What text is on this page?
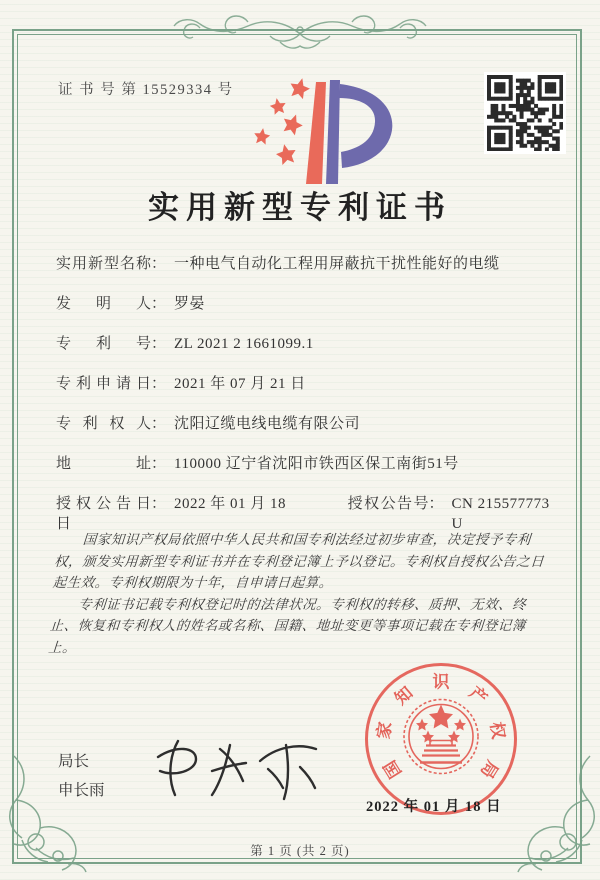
证 书 号 第 15529334 号
实用新型专利证书
实用新型名称 ： 一种电气自动化工程用屏蔽抗干扰性能好的电缆
发明人 ： 罗晏
专利号 ： ZL 2021 2 1661099.1
专利申请日 ： 2021 年 07 月 21 日
专利权人 ： 沈阳辽缆电线电缆有限公司
地址 ： 110000 辽宁省沈阳市铁西区保工南街51号
授权公告日： 2022 年 01 月 18 日
授权公告号 ： CN 215577773 U

国家知识产权局依照中华人民共和国专利法经过初步审查，决定授予专利权，颁发实用新型专利证书并在专利登记簿上予以登记。专利权自授权公告之日起生效。专利权期限为十年，自申请日起算。

专利证书记载专利权登记时的法律状况。专利权的转移、质押、无效、终止、恢复和专利权人的姓名或名称、国籍、地址变更等事项记载在专利登记簿上。

局长
申长雨
国
家
知
识
产
权
局
2022 年 01 月 18 日
第 1 页 (共 2 页)
